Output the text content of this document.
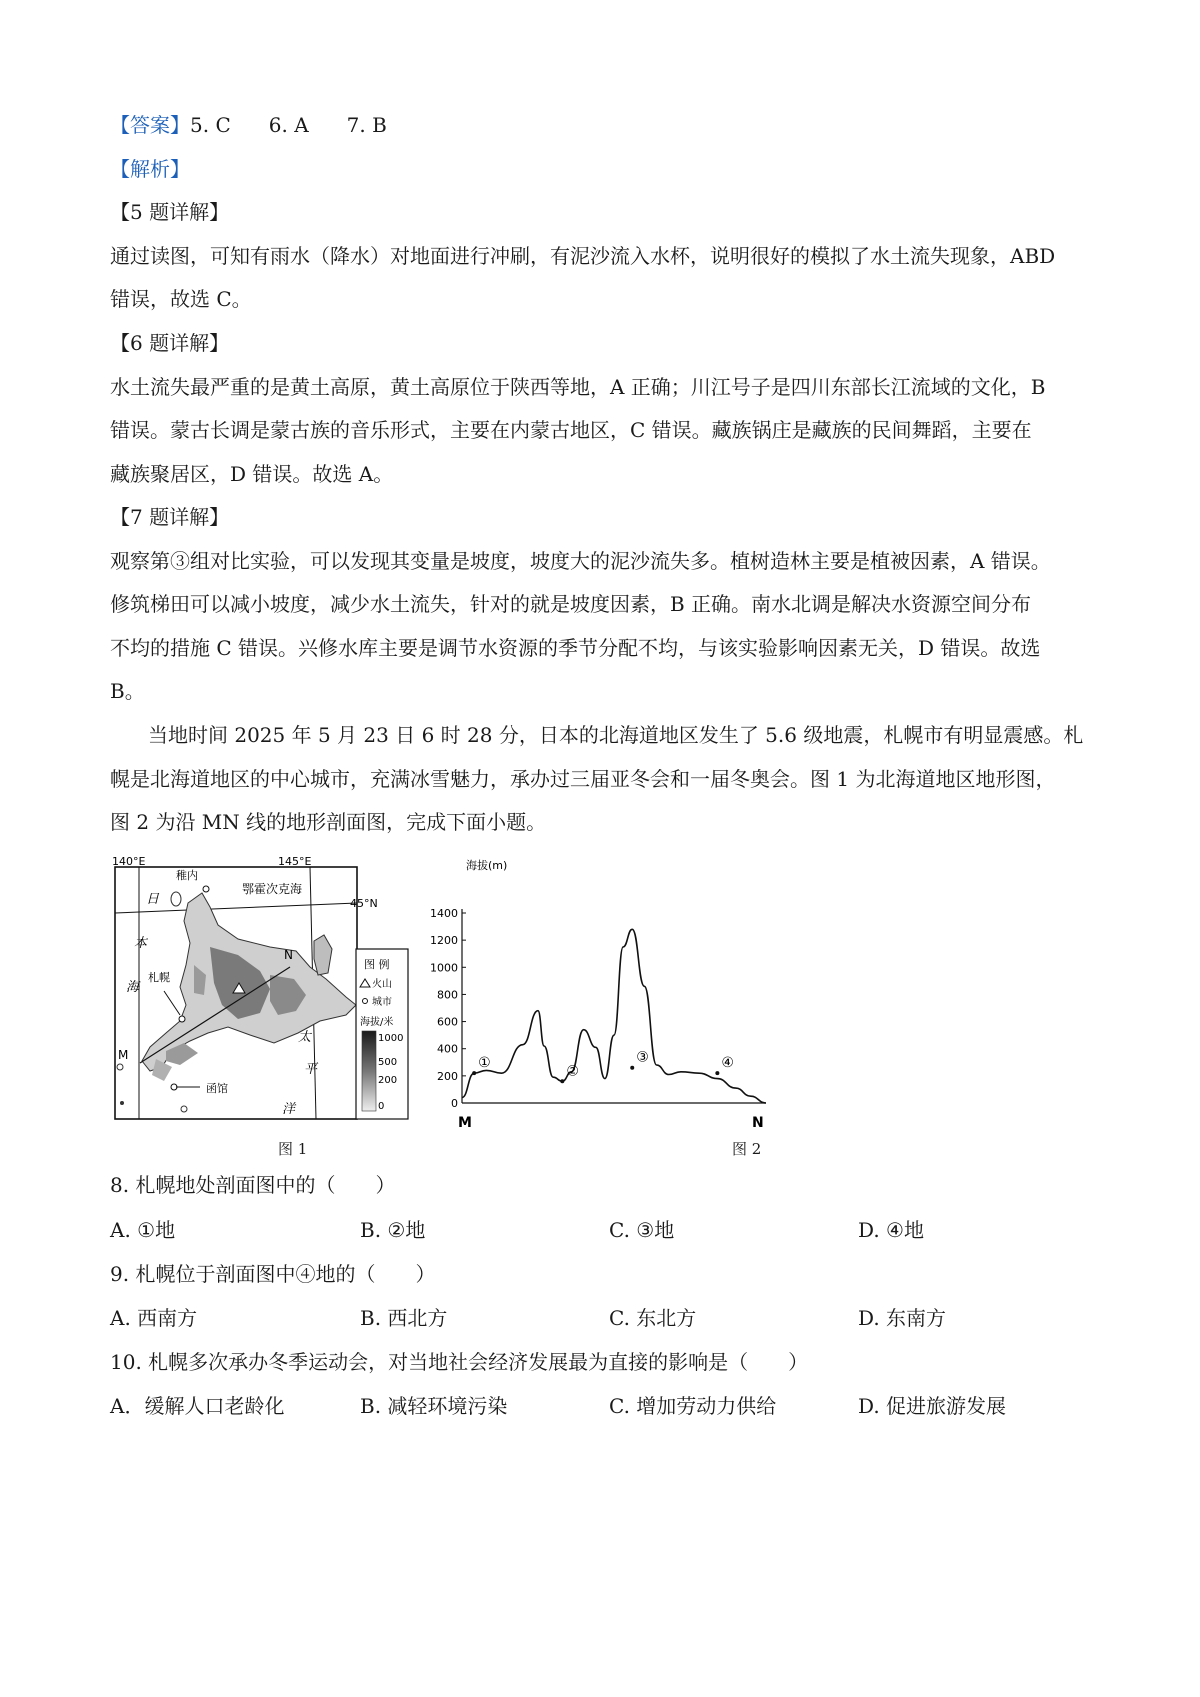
【答案】5. C 6. A 7. B
【解析】
【5 题详解】
通过读图，可知有雨水（降水）对地面进行冲刷，有泥沙流入水杯，说明很好的模拟了水土流失现象，ABD
错误，故选 C。
【6 题详解】
水土流失最严重的是黄土高原，黄土高原位于陕西等地，A 正确；川江号子是四川东部长江流域的文化，B
错误。蒙古长调是蒙古族的音乐形式，主要在内蒙古地区，C 错误。藏族锅庄是藏族的民间舞蹈，主要在
藏族聚居区，D 错误。故选 A。
【7 题详解】
观察第③组对比实验，可以发现其变量是坡度，坡度大的泥沙流失多。植树造林主要是植被因素，A 错误。
修筑梯田可以减小坡度，减少水土流失，针对的就是坡度因素，B 正确。南水北调是解决水资源空间分布
不均的措施 C 错误。兴修水库主要是调节水资源的季节分配不均，与该实验影响因素无关，D 错误。故选
B。
当地时间 2025 年 5 月 23 日 6 时 28 分，日本的北海道地区发生了 5.6 级地震，札幌市有明显震感。札
幌是北海道地区的中心城市，充满冰雪魅力，承办过三届亚冬会和一届冬奥会。图 1 为北海道地区地形图，
图 2 为沿 MN 线的地形剖面图，完成下面小题。
140°E	145°E
45°N
稚内
鄂霍次克海
日
本
海
札幌
函馆
M
N
太
平
洋
图 例
火山
城市
海拔/米
1000
500
200
0
图 1
海拔(m)
1400
1200
1000
800
600
400
200
0
①
②
③	④
M	N
图 2
8. 札幌地处剖面图中的（　　）
A. ①地	B. ②地	C. ③地	D. ④地
9. 札幌位于剖面图中④地的（　　）
A. 西南方	B. 西北方	C. 东北方	D. 东南方
10. 札幌多次承办冬季运动会，对当地社会经济发展最为直接的影响是（　　）
A．缓解人口老龄化	B. 减轻环境污染	C. 增加劳动力供给	D. 促进旅游发展
